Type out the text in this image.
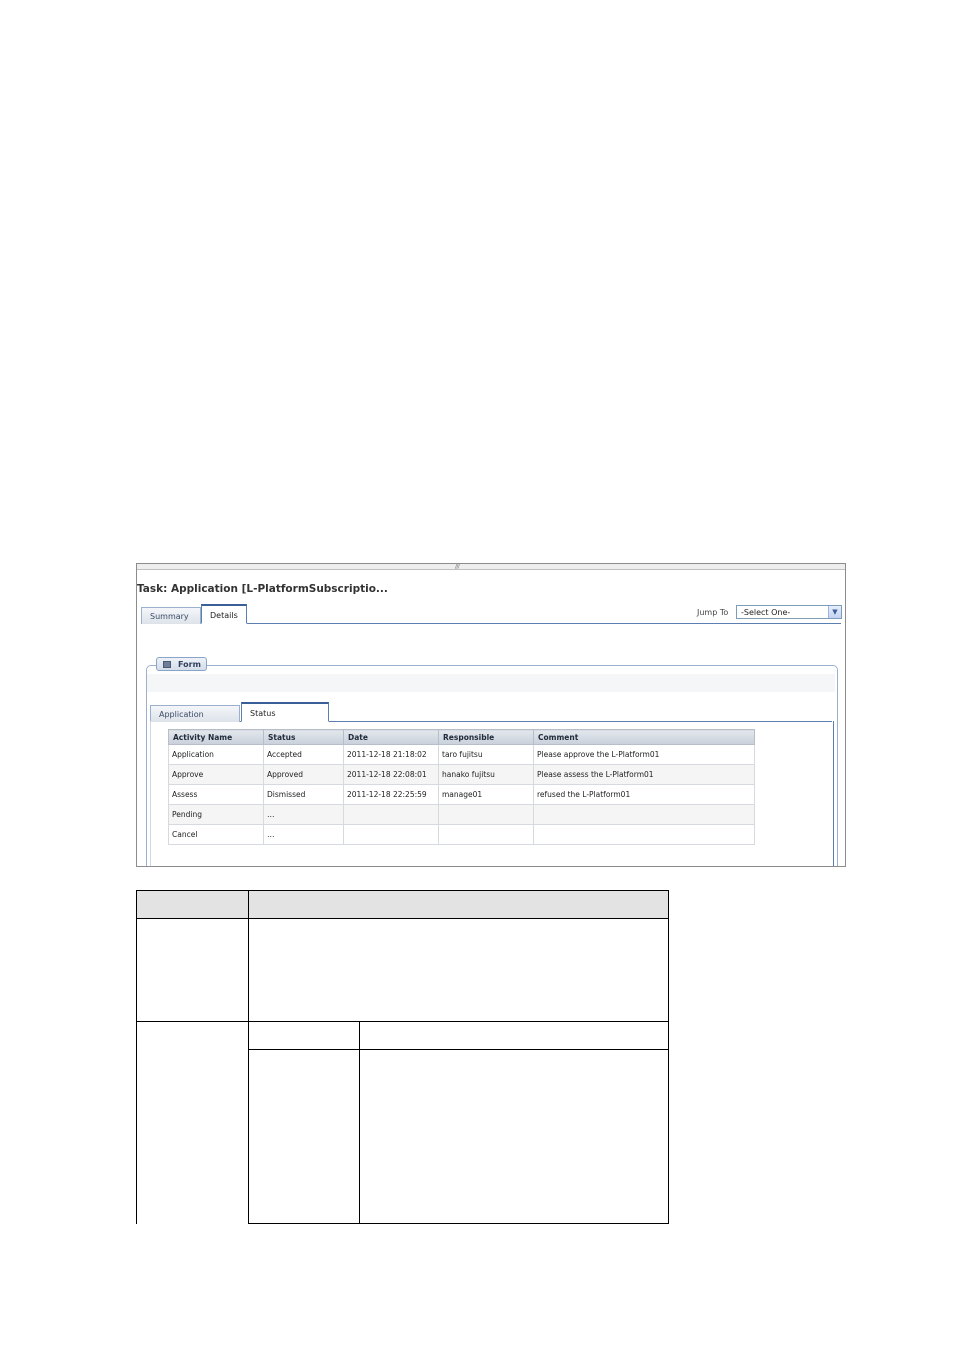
///
Task: Application [L-PlatformSubscriptio...
Summary	Details	Jump To	-Select One-	▼
Form
Application	Status
Activity Name	Status	Date	Responsible	Comment
Application	Accepted	2011-12-18 21:18:02	taro fujitsu	Please approve the L-Platform01
Approve	Approved	2011-12-18 22:08:01	hanako fujitsu	Please assess the L-Platform01
Assess	Dismissed	2011-12-18 22:25:59	manage01	refused the L-Platform01
Pending	…			
Cancel	…			
